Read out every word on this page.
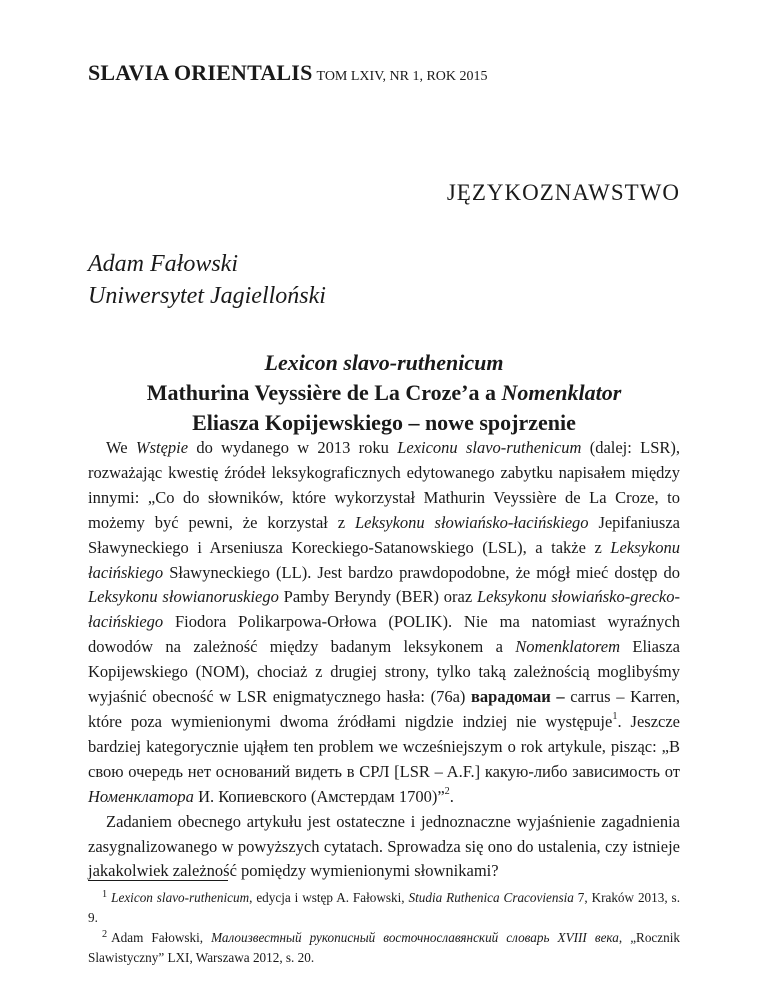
SLAVIA ORIENTALIS TOM LXIV, NR 1, ROK 2015
JĘZYKOZNAWSTWO
Adam Fałowski
Uniwersytet Jagielloński
Lexicon slavo-ruthenicum
Mathurina Veyssière de La Croze’a a Nomenklator
Eliasza Kopijewskiego – nowe spojrzenie

We Wstępie do wydanego w 2013 roku Lexiconu slavo-ruthenicum (dalej: LSR), rozważając kwestię źródeł leksykograficznych edytowanego zabytku napisałem między innymi: „Co do słowników, które wykorzystał Mathurin Veyssière de La Croze, to możemy być pewni, że korzystał z Leksykonu słowiańsko-łacińskiego Jepifaniusza Sławyneckiego i Arseniusza Koreckiego-Satanowskiego (LSL), a także z Leksykonu łacińskiego Sławyneckiego (LL). Jest bardzo prawdopodobne, że mógł mieć dostęp do Leksykonu słowianoruskiego Pamby Beryndy (BER) oraz Leksykonu słowiańsko-grecko-łacińskiego Fiodora Polikarpowa-Orłowa (POLIK). Nie ma natomiast wyraźnych dowodów na zależność między badanym leksykonem a Nomenklatorem Eliasza Kopijewskiego (NOM), chociaż z drugiej strony, tylko taką zależnością moglibyśmy wyjaśnić obecność w LSR enigmatycznego hasła: (76a) варадомаи – carrus – Karren, które poza wymienionymi dwoma źródłami nigdzie indziej nie występuje$^1$. Jeszcze bardziej kategorycznie ująłem ten problem we wcześniejszym o rok artykule, pisząc: „В свою очередь нет оснований видеть в СРЛ [LSR – A.F.] какую-либо зависимость от Номенклатора И. Копиевского (Амстердам 1700)”$^2$.

Zadaniem obecnego artykułu jest ostateczne i jednoznaczne wyjaśnienie zagadnienia zasygnalizowanego w powyższych cytatach. Sprowadza się ono do ustalenia, czy istnieje jakakolwiek zależność pomiędzy wymienionymi słownikami?

$^1$ Lexicon slavo-ruthenicum, edycja i wstęp A. Fałowski, Studia Ruthenica Cracoviensia 7, Kraków 2013, s. 9.

$^2$ Adam Fałowski, Малоизвестный рукописный восточнославянский словарь XVIII века, „Rocznik Slawistyczny” LXI, Warszawa 2012, s. 20.
